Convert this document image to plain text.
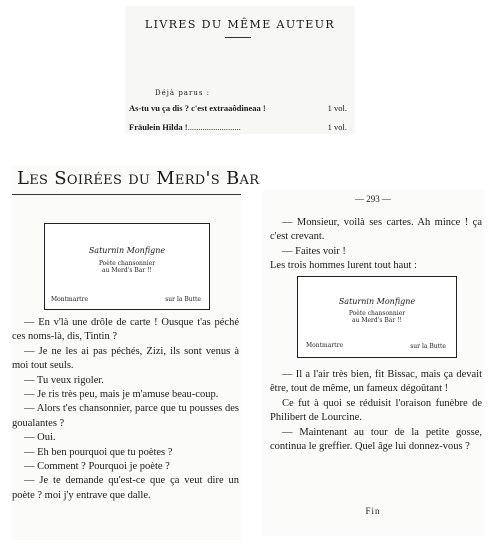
LIVRES DU MÊME AUTEUR
Déjà parus :
As-tu vu ça dis ? c'est extraaôdineaa !	1 vol.
Fräulein Hilda !.........................	1 vol.
Les Soirées du Merd's Bar
Saturnin Monfigne
Poète chansonnier
au Merd's Bar !!
Montmartre	sur la Butte

— En v'là une drôle de carte ! Ousque t'as péché ces noms-là, dis, Tintin ?

— Je ne les ai pas péchés, Zizi, ils sont venus à moi tout seuls.

— Tu veux rigoler.

— Je ris très peu, mais je m'amuse beau-coup.

— Alors t'es chansonnier, parce que tu pousses des goualantes ?

— Oui.

— Eh ben pourquoi que tu poètes ?

— Comment ? Pourquoi je poète ?

— Je te demande qu'est-ce que ça veut dire un poète ? moi j'y entrave que dalle.

— 293 —

— Monsieur, voilà ses cartes. Ah mince ! ça c'est crevant.

— Faites voir !

Les trois hommes lurent tout haut :

Saturnin Monfigne
Poète chansonnier
au Merd's Bar !!
Montmartre	sur la Butte

— Il a l'air très bien, fit Bissac, mais ça devait être, tout de même, un fameux dégoûtant !

Ce fut à quoi se réduisit l'oraison funèbre de Philibert de Lourcine.

— Maintenant au tour de la petite gosse, continua le greffier. Quel âge lui donnez-vous ?

Fin
